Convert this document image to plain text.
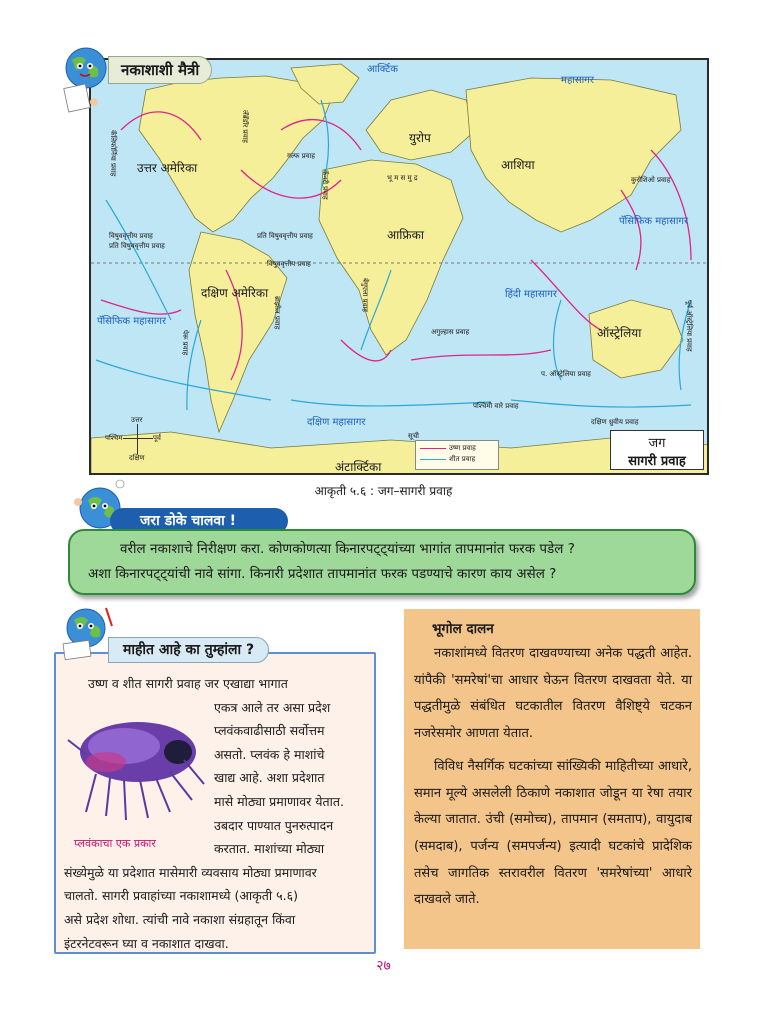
उत्तर अमेरिका
दक्षिण अमेरिका
युरोप
आशिया
आफ्रिका
ऑस्ट्रेलिया
अंटार्क्टिका
आर्क्टिक
महासागर
पॅसिफिक महासागर
पॅसिफिक महासागर
हिंदी महासागर
दक्षिण महासागर
विषुववृत्तीय प्रवाह
प्रति विषुववृत्तीय प्रवाह
प्रति विषुववृत्तीय प्रवाह
विषुववृत्तीय प्रवाह
ब्राझील प्रवाह
बेंगुएला प्रवाह
अगुल्हास प्रवाह
पश्चिमी वारे प्रवाह
दक्षिण ध्रुवीय प्रवाह
पेरू प्रवाह
कुरोशिओ प्रवाह
लॅब्रॅडॉर प्रवाह
गल्फ प्रवाह
कॅनरी प्रवाह
कॅलिफोर्निया प्रवाह
पूर्व ऑस्ट्रेलिया प्रवाह
प. ऑस्ट्रेलिया प्रवाह
भू म स मु द्र
उत्तर
दक्षिण
पूर्व
पश्चिम	सूची
उष्ण प्रवाह
शीत प्रवाह
जग
सागरी प्रवाह
नकाशाशी मैत्री
आकृती ५.६ : जग–सागरी प्रवाह
जरा डोके चालवा !

वरील नकाशाचे निरीक्षण करा. कोणकोणत्या किनारपट्ट्यांच्या भागांत तापमानांत फरक पडेल ?

अशा किनारपट्ट्यांची नावे सांगा. किनारी प्रदेशात तापमानांत फरक पडण्याचे कारण काय असेल ?
माहीत आहे का तुम्हांला ?
प्लवंकाचा एक प्रकार
उष्ण व शीत सागरी प्रवाह जर एखाद्या भागात
एकत्र आले तर असा प्रदेश
प्लवंकवाढीसाठी सर्वोत्तम
असतो. प्लवंक हे माशांचे
खाद्य आहे. अशा प्रदेशात
मासे मोठ्या प्रमाणावर येतात.
उबदार पाण्यात पुनरुत्पादन
करतात. माशांच्या मोठ्या
संख्येमुळे या प्रदेशात मासेमारी व्यवसाय मोठ्या प्रमाणावर
चालतो. सागरी प्रवाहांच्या नकाशामध्ये (आकृती ५.६)
असे प्रदेश शोधा. त्यांची नावे नकाशा संग्रहातून किंवा
इंटरनेटवरून घ्या व नकाशात दाखवा.
भूगोल दालन

नकाशांमध्ये वितरण दाखवण्याच्या अनेक पद्धती आहेत. यांपैकी 'समरेषां'चा आधार घेऊन वितरण दाखवता येते. या पद्धतीमुळे संबंधित घटकातील वितरण वैशिष्ट्ये चटकन नजरेसमोर आणता येतात.

विविध नैसर्गिक घटकांच्या सांख्यिकी माहितीच्या आधारे, समान मूल्ये असलेली ठिकाणे नकाशात जोडून या रेषा तयार केल्या जातात. उंची (समोच्च), तापमान (समताप), वायुदाब (समदाब), पर्जन्य (समपर्जन्य) इत्यादी घटकांचे प्रादेशिक तसेच जागतिक स्तरावरील वितरण 'समरेषांच्या' आधारे दाखवले जाते.

२७
